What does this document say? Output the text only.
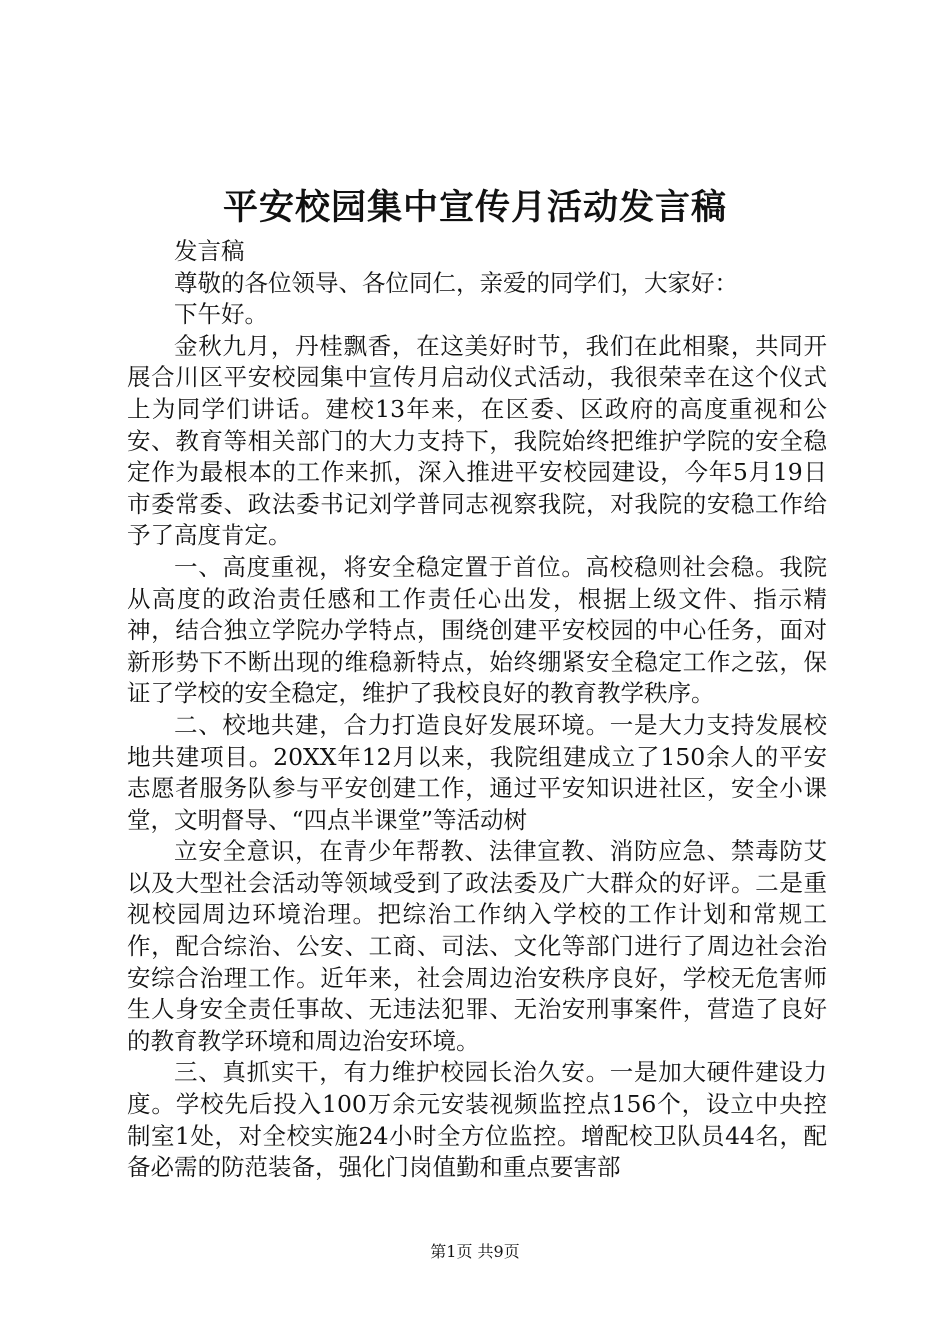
平安校园集中宣传月活动发言稿

发言稿

尊敬的各位领导、各位同仁，亲爱的同学们，大家好：

下午好。

金秋九月，丹桂飘香，在这美好时节，我们在此相聚，共同开展合川区平安校园集中宣传月启动仪式活动，我很荣幸在这个仪式上为同学们讲话。建校13年来，在区委、区政府的高度重视和公安、教育等相关部门的大力支持下，我院始终把维护学院的安全稳定作为最根本的工作来抓，深入推进平安校园建设，今年5月19日市委常委、政法委书记刘学普同志视察我院，对我院的安稳工作给予了高度肯定。

一、高度重视，将安全稳定置于首位。高校稳则社会稳。我院从高度的政治责任感和工作责任心出发，根据上级文件、指示精神，结合独立学院办学特点，围绕创建平安校园的中心任务，面对新形势下不断出现的维稳新特点，始终绷紧安全稳定工作之弦，保证了学校的安全稳定，维护了我校良好的教育教学秩序。

二、校地共建，合力打造良好发展环境。一是大力支持发展校地共建项目。20XX年12月以来，我院组建成立了150余人的平安志愿者服务队参与平安创建工作，通过平安知识进社区，安全小课堂，文明督导、“四点半课堂”等活动树

立安全意识，在青少年帮教、法律宣教、消防应急、禁毒防艾以及大型社会活动等领域受到了政法委及广大群众的好评。二是重视校园周边环境治理。把综治工作纳入学校的工作计划和常规工作，配合综治、公安、工商、司法、文化等部门进行了周边社会治安综合治理工作。近年来，社会周边治安秩序良好，学校无危害师生人身安全责任事故、无违法犯罪、无治安刑事案件，营造了良好的教育教学环境和周边治安环境。

三、真抓实干，有力维护校园长治久安。一是加大硬件建设力度。学校先后投入100万余元安装视频监控点156个，设立中央控制室1处，对全校实施24小时全方位监控。增配校卫队员44名，配备必需的防范装备，强化门岗值勤和重点要害部

第1页 共9页
